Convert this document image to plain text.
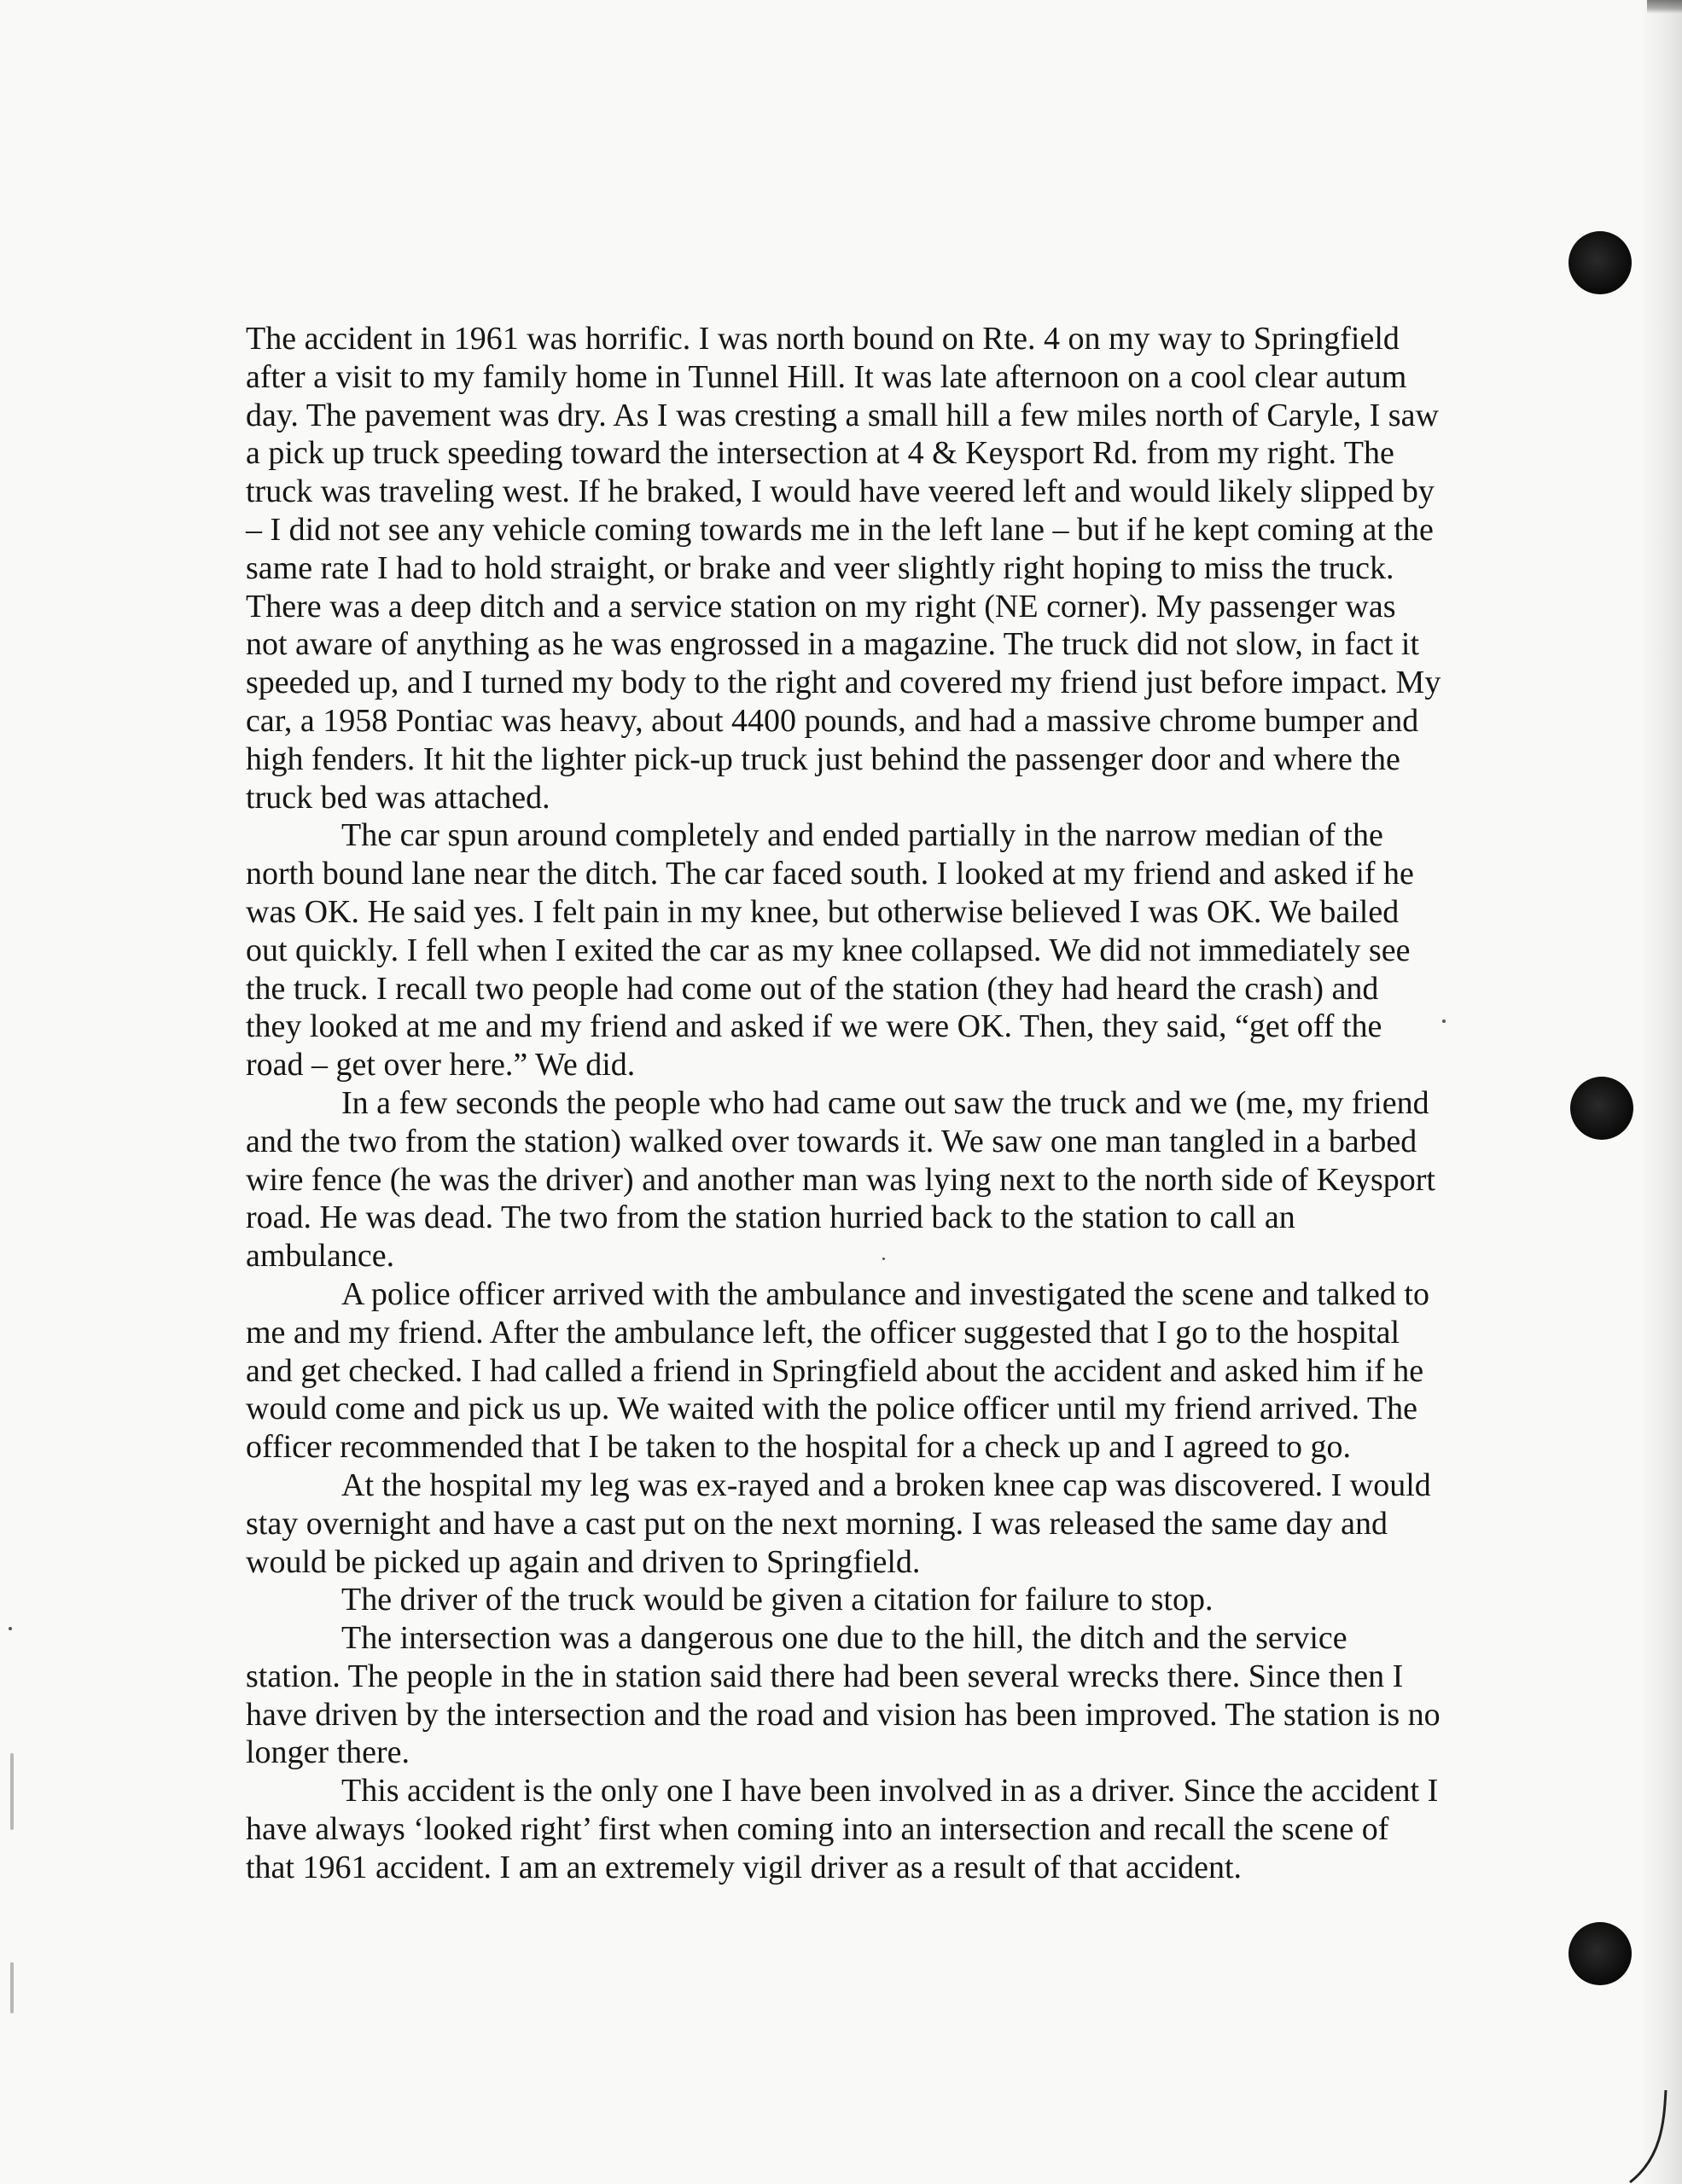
The accident in 1961 was horrific. I was north bound on Rte. 4 on my way to Springfield after a visit to my family home in Tunnel Hill. It was late afternoon on a cool clear autum day. The pavement was dry. As I was cresting a small hill a few miles north of Caryle, I saw a pick up truck speeding toward the intersection at 4 & Keysport Rd. from my right. The truck was traveling west. If he braked, I would have veered left and would likely slipped by – I did not see any vehicle coming towards me in the left lane – but if he kept coming at the same rate I had to hold straight, or brake and veer slightly right hoping to miss the truck. There was a deep ditch and a service station on my right (NE corner). My passenger was not aware of anything as he was engrossed in a magazine. The truck did not slow, in fact it speeded up, and I turned my body to the right and covered my friend just before impact. My car, a 1958 Pontiac was heavy, about 4400 pounds, and had a massive chrome bumper and high fenders. It hit the lighter pick-up truck just behind the passenger door and where the truck bed was attached.

The car spun around completely and ended partially in the narrow median of the north bound lane near the ditch. The car faced south. I looked at my friend and asked if he was OK. He said yes. I felt pain in my knee, but otherwise believed I was OK. We bailed out quickly. I fell when I exited the car as my knee collapsed. We did not immediately see the truck. I recall two people had come out of the station (they had heard the crash) and they looked at me and my friend and asked if we were OK. Then, they said, “get off the road – get over here.” We did.

In a few seconds the people who had came out saw the truck and we (me, my friend and the two from the station) walked over towards it. We saw one man tangled in a barbed wire fence (he was the driver) and another man was lying next to the north side of Keysport road. He was dead. The two from the station hurried back to the station to call an ambulance.

A police officer arrived with the ambulance and investigated the scene and talked to me and my friend. After the ambulance left, the officer suggested that I go to the hospital and get checked. I had called a friend in Springfield about the accident and asked him if he would come and pick us up. We waited with the police officer until my friend arrived. The officer recommended that I be taken to the hospital for a check up and I agreed to go.

At the hospital my leg was ex-rayed and a broken knee cap was discovered. I would stay overnight and have a cast put on the next morning. I was released the same day and would be picked up again and driven to Springfield.

The driver of the truck would be given a citation for failure to stop.

The intersection was a dangerous one due to the hill, the ditch and the service station. The people in the in station said there had been several wrecks there. Since then I have driven by the intersection and the road and vision has been improved. The station is no longer there.

This accident is the only one I have been involved in as a driver. Since the accident I have always ‘looked right’ first when coming into an intersection and recall the scene of that 1961 accident. I am an extremely vigil driver as a result of that accident.
